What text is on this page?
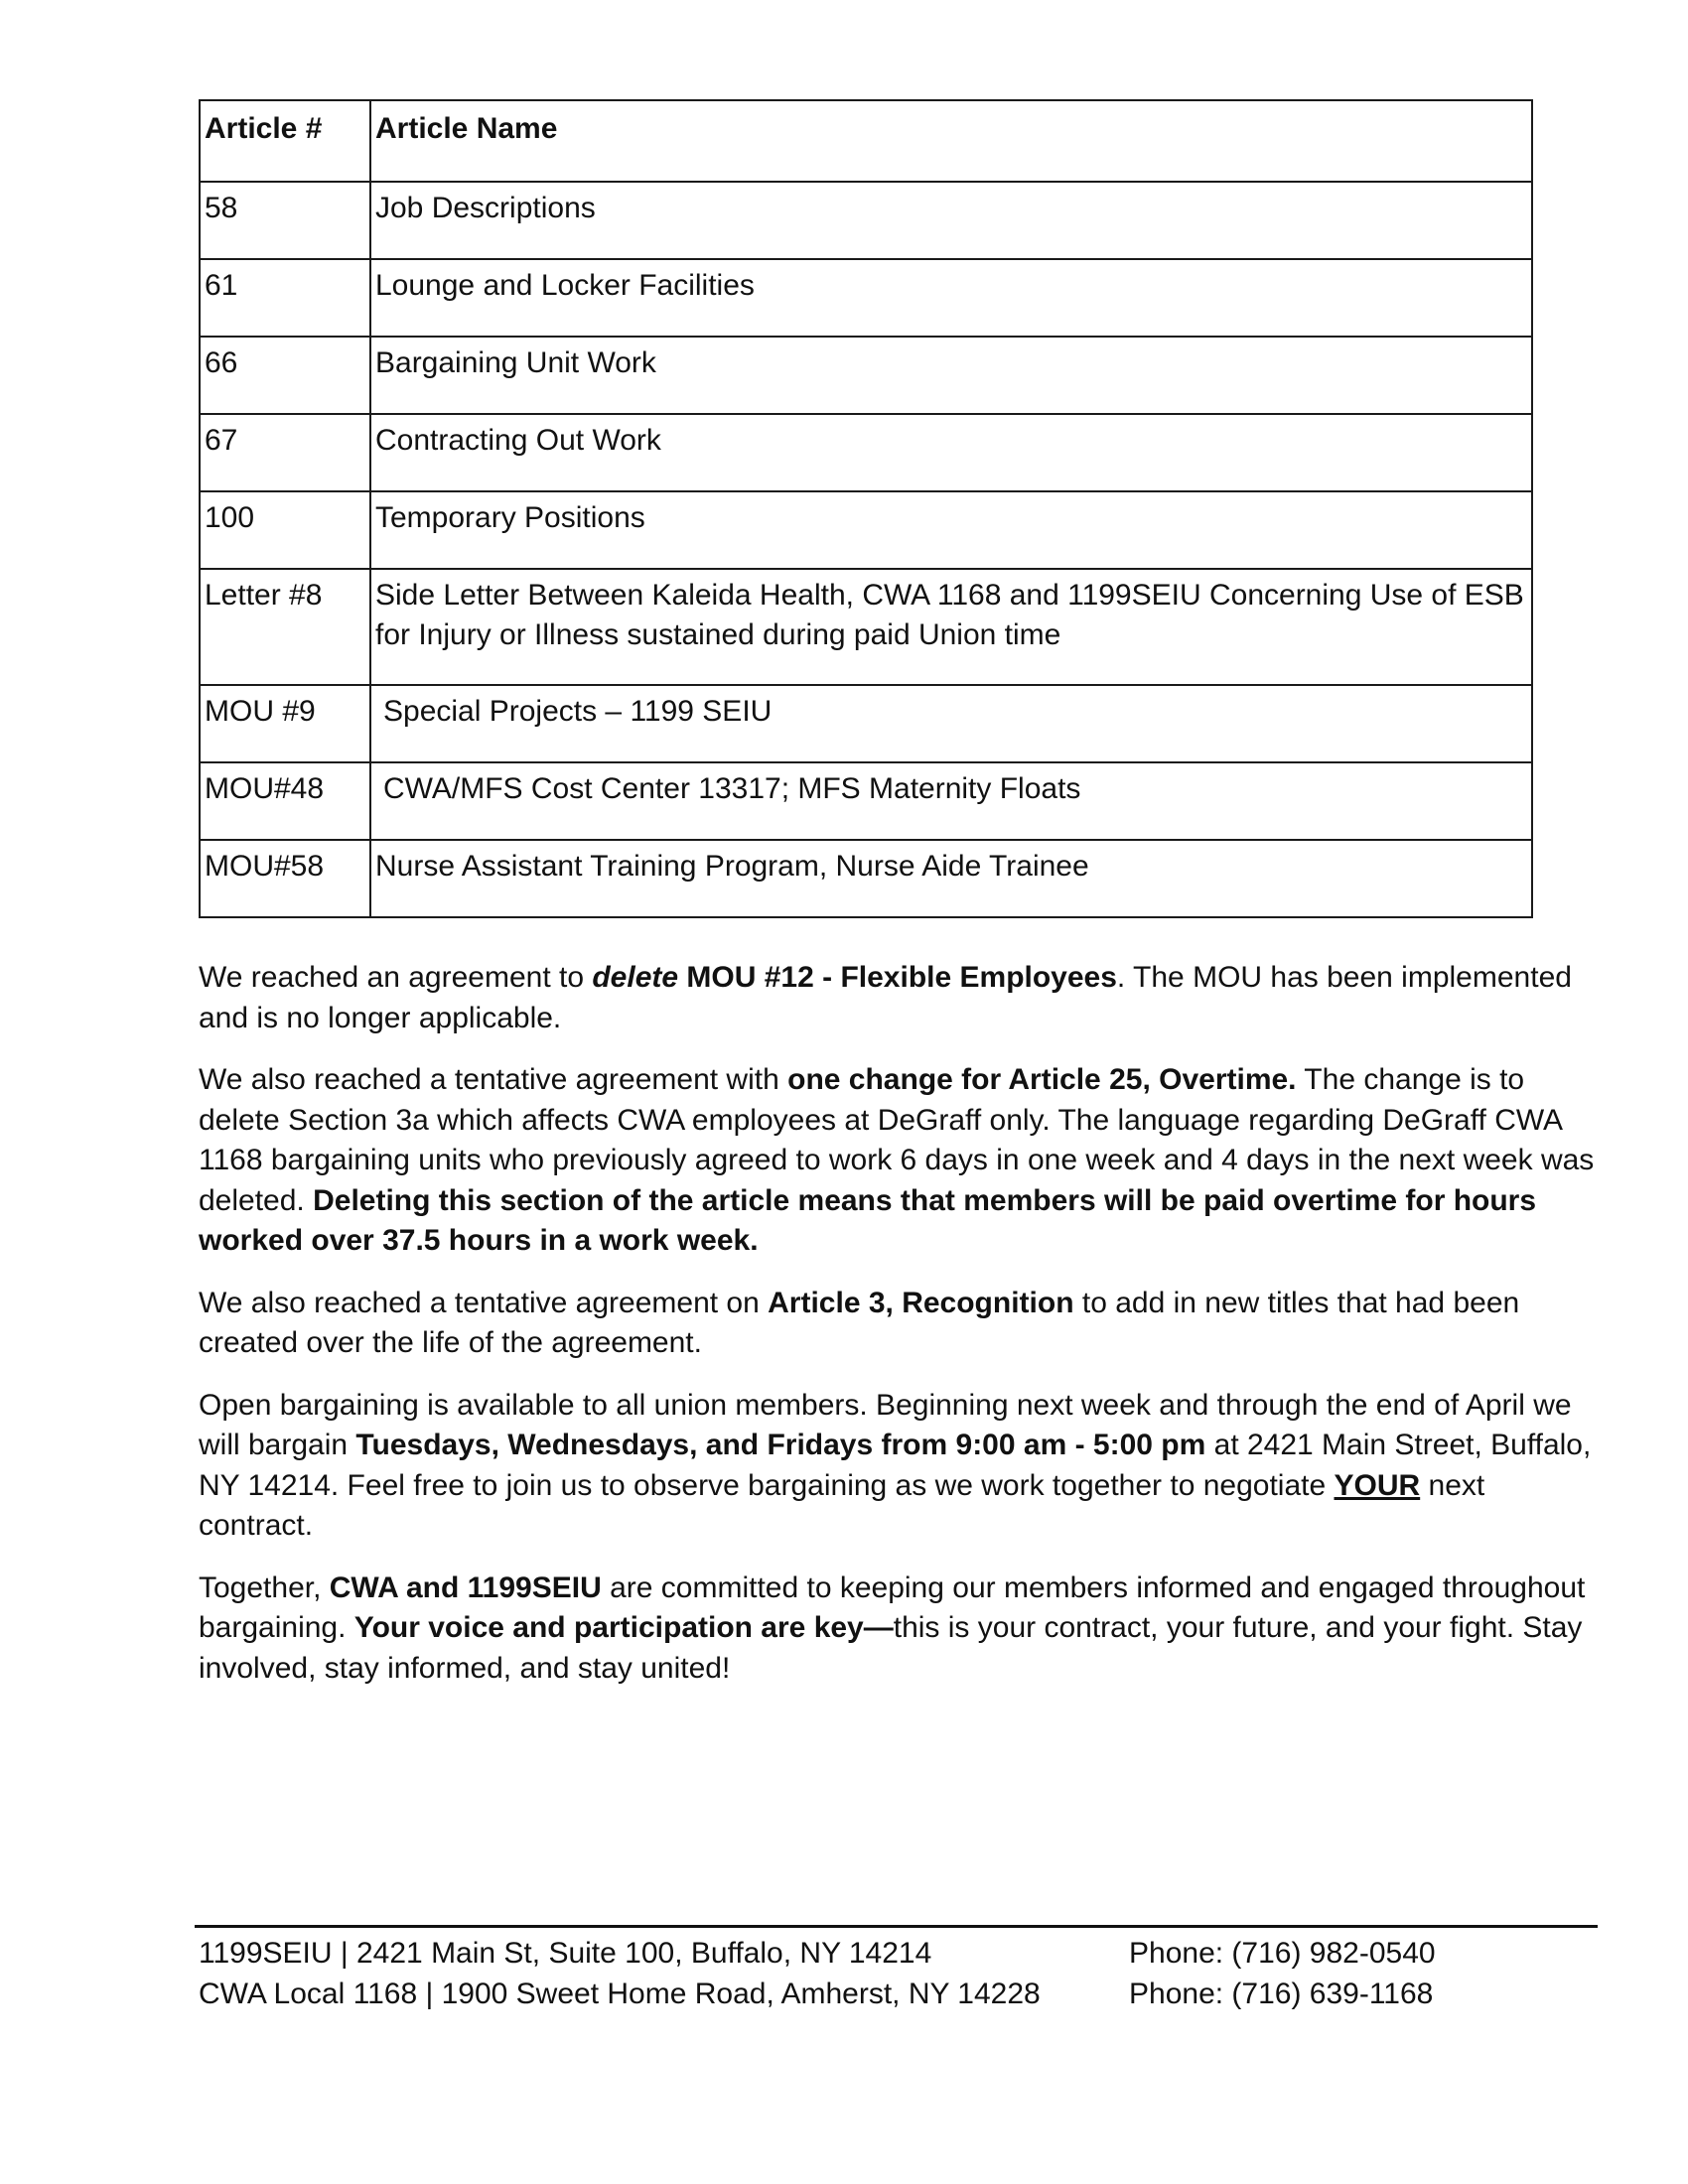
Article #	Article Name
58	Job Descriptions
61	Lounge and Locker Facilities
66	Bargaining Unit Work
67	Contracting Out Work
100	Temporary Positions
Letter #8	Side Letter Between Kaleida Health, CWA 1168 and 1199SEIU Concerning Use of ESB for Injury or Illness sustained during paid Union time
MOU #9	Special Projects – 1199 SEIU
MOU#48	CWA/MFS Cost Center 13317; MFS Maternity Floats
MOU#58	Nurse Assistant Training Program, Nurse Aide Trainee

We reached an agreement to delete MOU #12 - Flexible Employees. The MOU has been implemented and is no longer applicable.

We also reached a tentative agreement with one change for Article 25, Overtime. The change is to delete Section 3a which affects CWA employees at DeGraff only. The language regarding DeGraff CWA 1168 bargaining units who previously agreed to work 6 days in one week and 4 days in the next week was deleted. Deleting this section of the article means that members will be paid overtime for hours worked over 37.5 hours in a work week.

We also reached a tentative agreement on Article 3, Recognition to add in new titles that had been created over the life of the agreement.

Open bargaining is available to all union members. Beginning next week and through the end of April we will bargain Tuesdays, Wednesdays, and Fridays from 9:00 am - 5:00 pm at 2421 Main Street, Buffalo, NY 14214. Feel free to join us to observe bargaining as we work together to negotiate YOUR next contract.

Together, CWA and 1199SEIU are committed to keeping our members informed and engaged throughout bargaining. Your voice and participation are key—this is your contract, your future, and your fight. Stay involved, stay informed, and stay united!

1199SEIU | 2421 Main St, Suite 100, Buffalo, NY 14214	Phone: (716) 982-0540
CWA Local 1168 | 1900 Sweet Home Road, Amherst, NY 14228	Phone: (716) 639-1168
